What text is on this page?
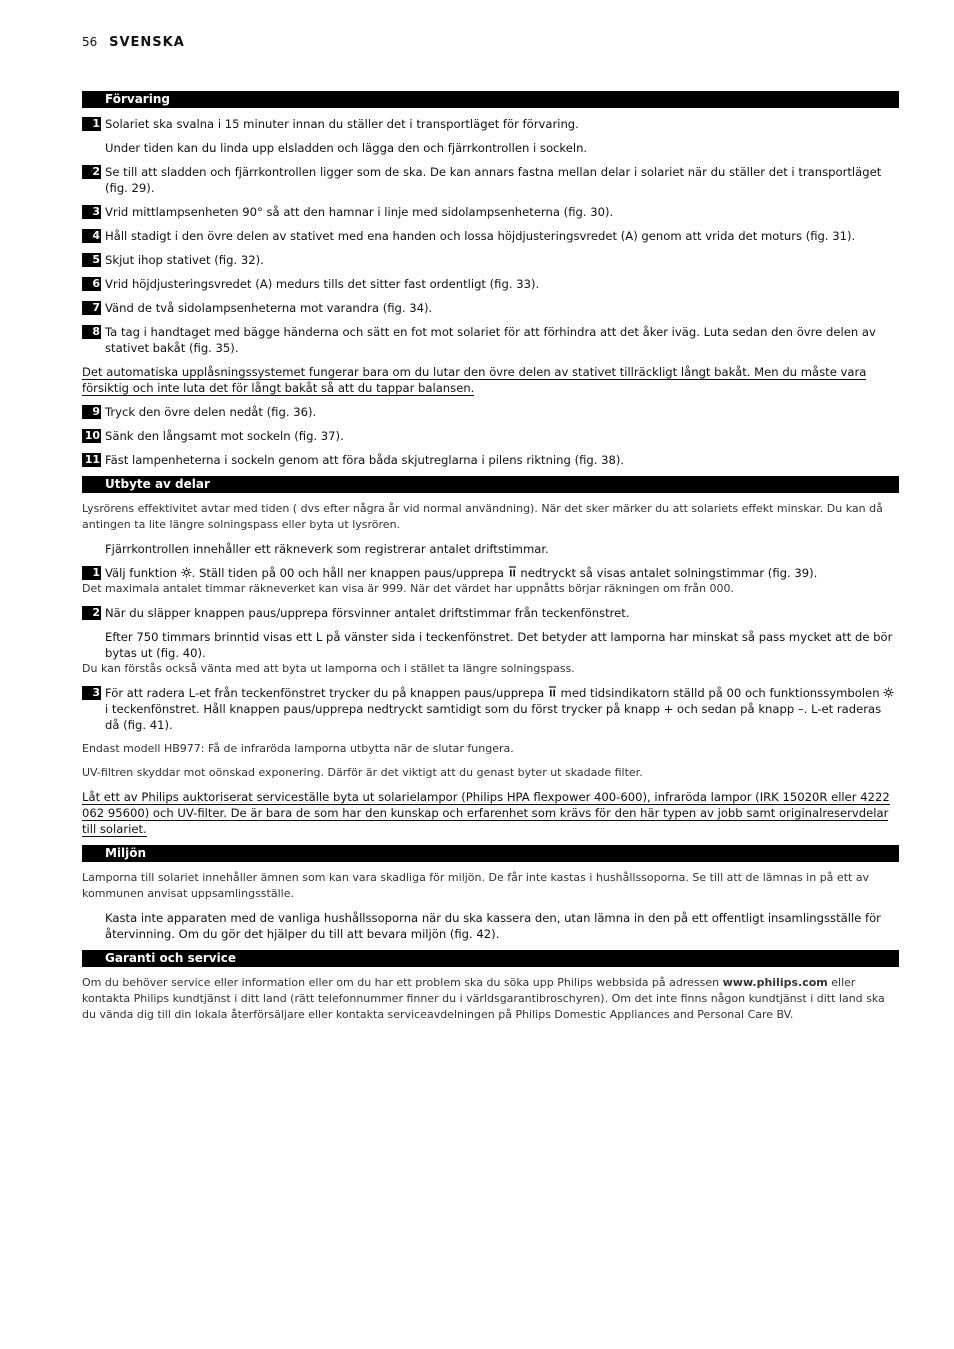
56 SVENSKA
Förvaring
1 Solariet ska svalna i 15 minuter innan du ställer det i transportläget för förvaring.
Under tiden kan du linda upp elsladden och lägga den och fjärrkontrollen i sockeln.
2 Se till att sladden och fjärrkontrollen ligger som de ska. De kan annars fastna mellan delar i solariet när du ställer det i transportläget (fig. 29).
3 Vrid mittlampsenheten 90° så att den hamnar i linje med sidolampsenheterna (fig. 30).
4 Håll stadigt i den övre delen av stativet med ena handen och lossa höjdjusteringsvredet (A) genom att vrida det moturs (fig. 31).
5 Skjut ihop stativet (fig. 32).
6 Vrid höjdjusteringsvredet (A) medurs tills det sitter fast ordentligt (fig. 33).
7 Vänd de två sidolampsenheterna mot varandra (fig. 34).
8 Ta tag i handtaget med bägge händerna och sätt en fot mot solariet för att förhindra att det åker iväg. Luta sedan den övre delen av stativet bakåt (fig. 35).
Det automatiska upplåsningssystemet fungerar bara om du lutar den övre delen av stativet tillräckligt långt bakåt. Men du måste vara försiktig och inte luta det för långt bakåt så att du tappar balansen.
9 Tryck den övre delen nedåt (fig. 36).
10 Sänk den långsamt mot sockeln (fig. 37).
11 Fäst lampenheterna i sockeln genom att föra båda skjutreglarna i pilens riktning (fig. 38).
Utbyte av delar
Lysrörens effektivitet avtar med tiden ( dvs efter några år vid normal användning). När det sker märker du att solariets effekt minskar. Du kan då antingen ta lite längre solningspass eller byta ut lysrören.
Fjärrkontrollen innehåller ett räkneverk som registrerar antalet driftstimmar.
1 Välj funktion . Ställ tiden på 00 och håll ner knappen paus/upprepa nedtryckt så visas antalet solningstimmar (fig. 39).
Det maximala antalet timmar räkneverket kan visa är 999. När det värdet har uppnåtts börjar räkningen om från 000.
2 När du släpper knappen paus/upprepa försvinner antalet driftstimmar från teckenfönstret.
Efter 750 timmars brinntid visas ett L på vänster sida i teckenfönstret. Det betyder att lamporna har minskat så pass mycket att de bör bytas ut (fig. 40).
Du kan förstås också vänta med att byta ut lamporna och i stället ta längre solningspass.
3 För att radera L-et från teckenfönstret trycker du på knappen paus/upprepa med tidsindikatorn ställd på 00 och funktionssymbolen  i teckenfönstret. Håll knappen paus/upprepa nedtryckt samtidigt som du först trycker på knapp + och sedan på knapp –. L-et raderas då (fig. 41).
Endast modell HB977: Få de infraröda lamporna utbytta när de slutar fungera.
UV-filtren skyddar mot oönskad exponering. Därför är det viktigt att du genast byter ut skadade filter.
Låt ett av Philips auktoriserat serviceställe byta ut solarielampor (Philips HPA flexpower 400-600), infraröda lampor (IRK 15020R eller 4222 062 95600) och UV-filter. De är bara de som har den kunskap och erfarenhet som krävs för den här typen av jobb samt originalreservdelar till solariet.
Miljön
Lamporna till solariet innehåller ämnen som kan vara skadliga för miljön. De får inte kastas i hushållssoporna. Se till att de lämnas in på ett av kommunen anvisat uppsamlingsställe.
Kasta inte apparaten med de vanliga hushållssoporna när du ska kassera den, utan lämna in den på ett offentligt insamlingsställe för återvinning. Om du gör det hjälper du till att bevara miljön (fig. 42).
Garanti och service
Om du behöver service eller information eller om du har ett problem ska du söka upp Philips webbsida på adressen www.philips.com eller kontakta Philips kundtjänst i ditt land (rätt telefonnummer finner du i världsgarantibroschyren). Om det inte finns någon kundtjänst i ditt land ska du vända dig till din lokala återförsäljare eller kontakta serviceavdelningen på Philips Domestic Appliances and Personal Care BV.
